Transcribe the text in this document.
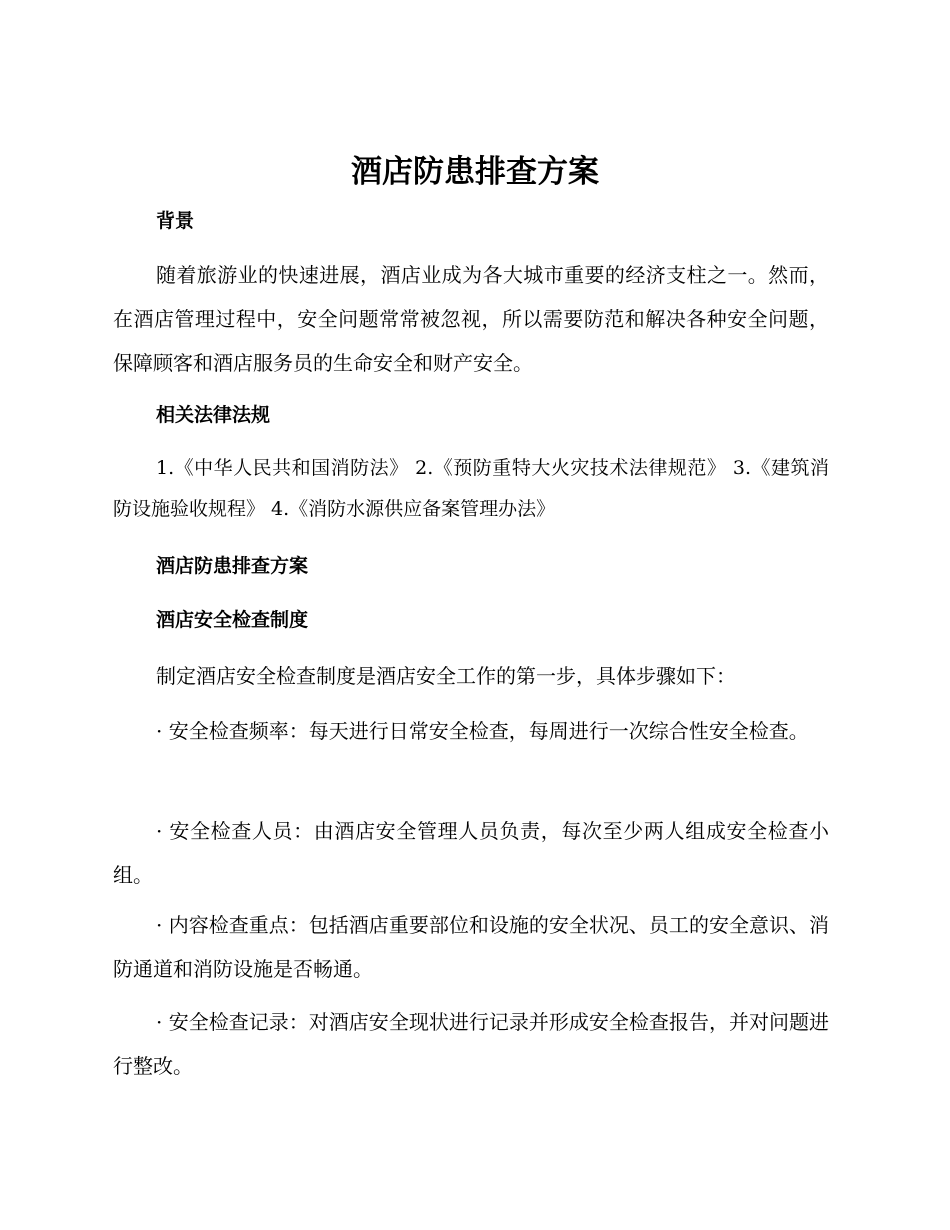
酒店防患排查方案
背景

随着旅游业的快速进展，酒店业成为各大城市重要的经济支柱之一。然而，在酒店管理过程中，安全问题常常被忽视，所以需要防范和解决各种安全问题，保障顾客和酒店服务员的生命安全和财产安全。

相关法律法规

1.《中华人民共和国消防法》 2.《预防重特大火灾技术法律规范》 3.《建筑消防设施验收规程》 4.《消防水源供应备案管理办法》

酒店防患排查方案
酒店安全检查制度

制定酒店安全检查制度是酒店安全工作的第一步，具体步骤如下：

· 安全检查频率：每天进行日常安全检查，每周进行一次综合性安全检查。

· 安全检查人员：由酒店安全管理人员负责，每次至少两人组成安全检查小组。

· 内容检查重点：包括酒店重要部位和设施的安全状况、员工的安全意识、消防通道和消防设施是否畅通。

· 安全检查记录：对酒店安全现状进行记录并形成安全检查报告，并对问题进行整改。
